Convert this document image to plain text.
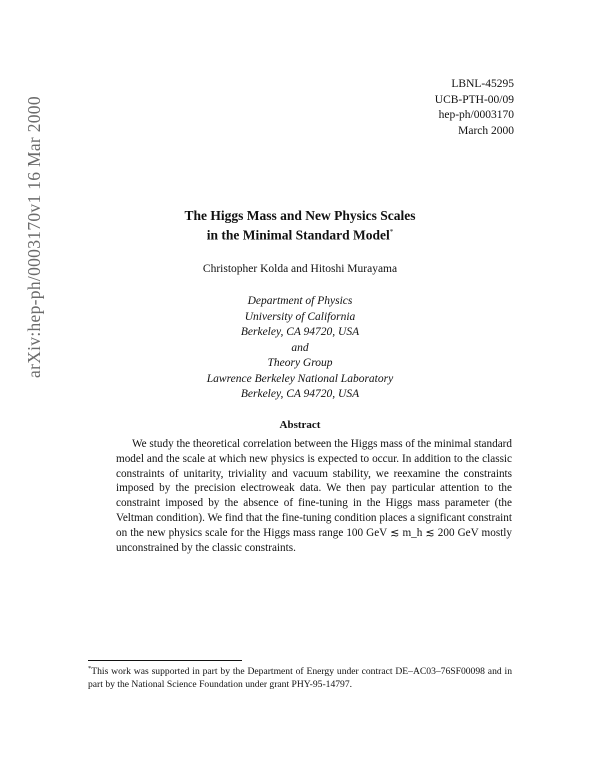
arXiv:hep-ph/0003170v1 16 Mar 2000
LBNL-45295
UCB-PTH-00/09
hep-ph/0003170
March 2000
The Higgs Mass and New Physics Scales
in the Minimal Standard Model*
Christopher Kolda and Hitoshi Murayama
Department of Physics
University of California
Berkeley, CA 94720, USA
and
Theory Group
Lawrence Berkeley National Laboratory
Berkeley, CA 94720, USA
Abstract

We study the theoretical correlation between the Higgs mass of the minimal standard model and the scale at which new physics is expected to occur. In addition to the classic constraints of unitarity, triviality and vacuum stability, we reexamine the constraints imposed by the precision electroweak data. We then pay particular attention to the constraint imposed by the absence of fine-tuning in the Higgs mass parameter (the Veltman condition). We find that the fine-tuning condition places a significant constraint on the new physics scale for the Higgs mass range 100 GeV ≲ m_h ≲ 200 GeV mostly unconstrained by the classic constraints.

*This work was supported in part by the Department of Energy under contract DE–AC03–76SF00098 and in part by the National Science Foundation under grant PHY-95-14797.
